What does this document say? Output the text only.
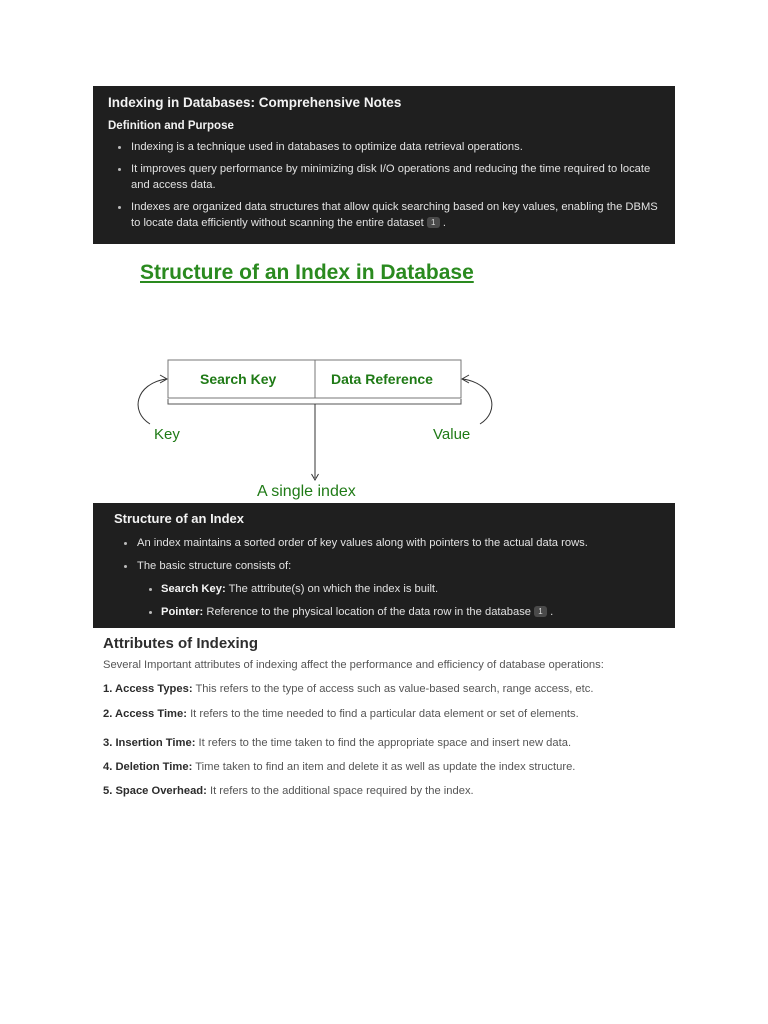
Indexing in Databases: Comprehensive Notes

Definition and Purpose

Indexing is a technique used in databases to optimize data retrieval operations.
It improves query performance by minimizing disk I/O operations and reducing the time required to locate and access data.
Indexes are organized data structures that allow quick searching based on key values, enabling the DBMS to locate data efficiently without scanning the entire dataset 1 .

Structure of an Index in Database

Search Key	Data Reference
Key	Value
A single index

Structure of an Index

An index maintains a sorted order of key values along with pointers to the actual data rows.
The basic structure consists of:
Search Key: The attribute(s) on which the index is built.
Pointer: Reference to the physical location of the data row in the database 1 .

Attributes of Indexing

Several Important attributes of indexing affect the performance and efficiency of database operations:

1. Access Types: This refers to the type of access such as value-based search, range access, etc.

2. Access Time: It refers to the time needed to find a particular data element or set of elements.

3. Insertion Time: It refers to the time taken to find the appropriate space and insert new data.

4. Deletion Time: Time taken to find an item and delete it as well as update the index structure.

5. Space Overhead: It refers to the additional space required by the index.
